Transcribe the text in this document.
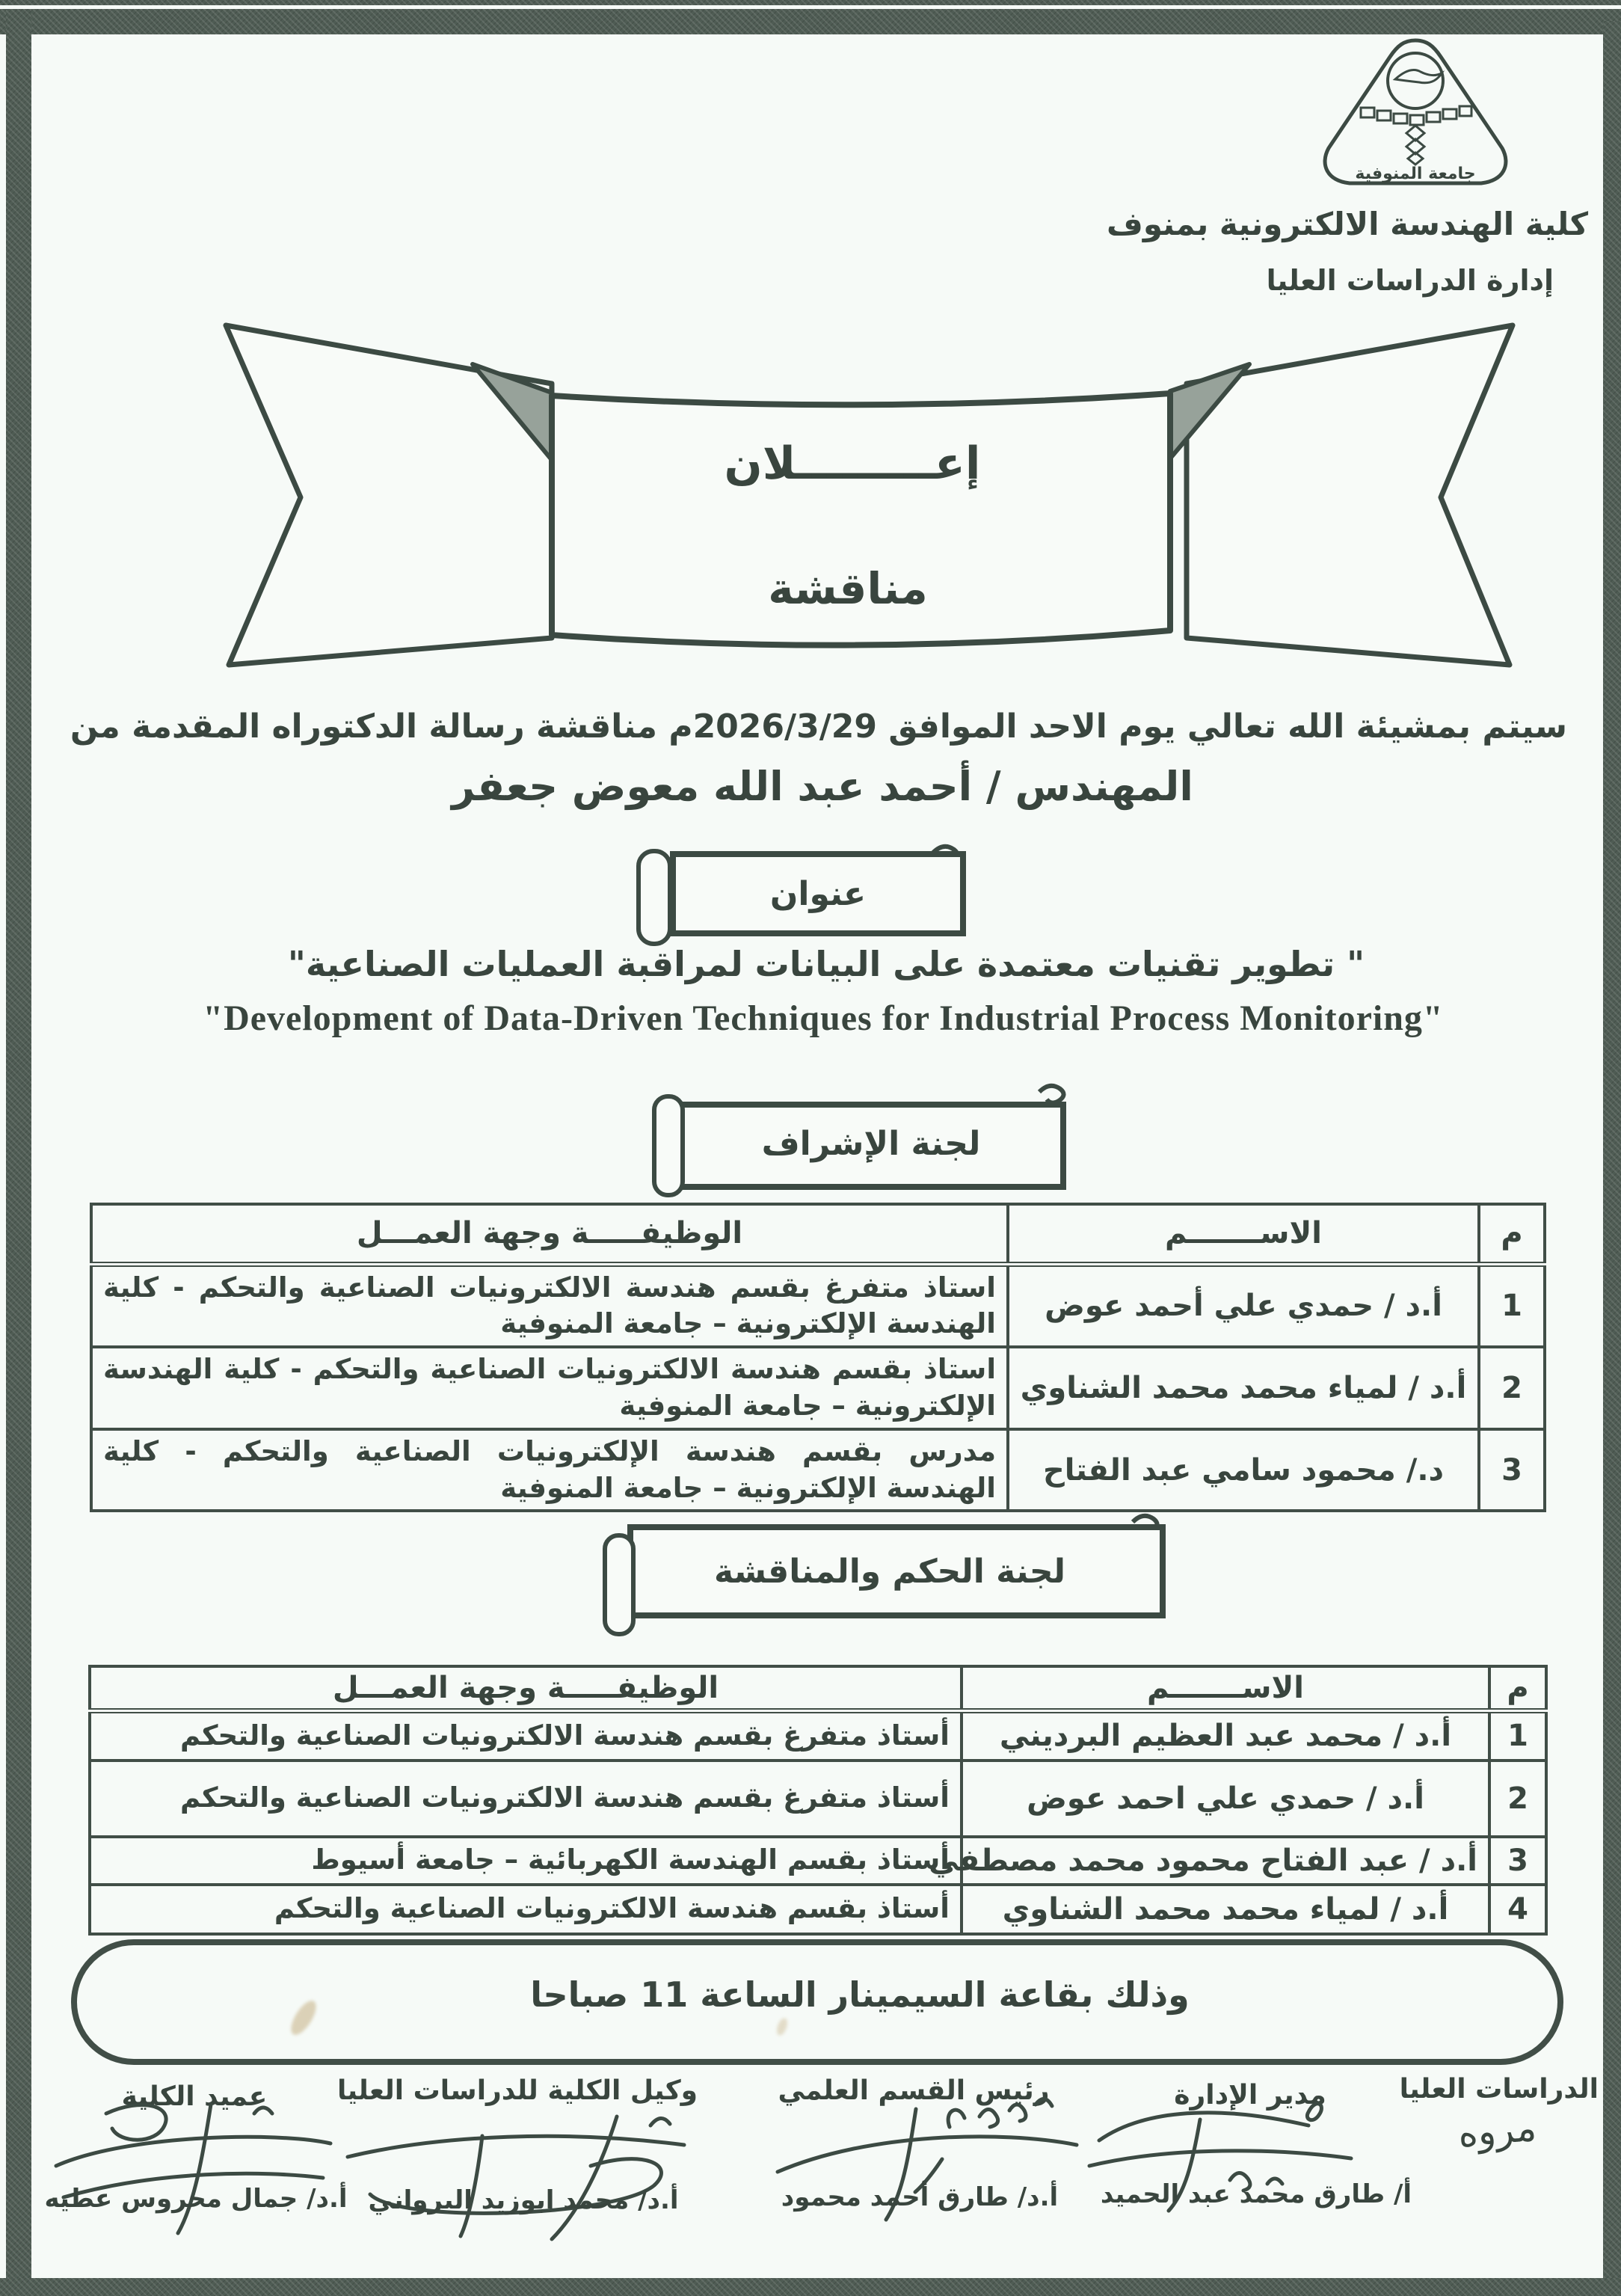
جامعة المنوفية
كلية الهندسة الالكترونية بمنوف
إدارة الدراسات العليا
إعـــــــــلان
مناقشة
سيتم بمشيئة الله تعالي يوم الاحد الموافق 2026/3/29م مناقشة رسالة الدكتوراه المقدمة من
المهندس / أحمد عبد الله معوض جعفر
عنوان
" تطوير تقنيات معتمدة على البيانات لمراقبة العمليات الصناعية"
"Development of Data-Driven Techniques for Industrial Process Monitoring"
لجنة الإشراف
م	الاســـــــم	الوظيفـــــة وجهة العمـــل
1	أ.د / حمدي علي أحمد عوض	استاذ متفرغ بقسم هندسة الالكترونيات الصناعية والتحكم - كلية الهندسة الإلكترونية – جامعة المنوفية
2	أ.د / لمياء محمد محمد الشناوي	استاذ بقسم هندسة الالكترونيات الصناعية والتحكم - كلية الهندسة الإلكترونية – جامعة المنوفية
3	د./ محمود سامي عبد الفتاح	مدرس بقسم هندسة الإلكترونيات الصناعية والتحكم - كلية الهندسة الإلكترونية – جامعة المنوفية
لجنة الحكم والمناقشة
م	الاســـــــم	الوظيفـــــة وجهة العمـــل
1	أ.د / محمد عبد العظيم البرديني	أستاذ متفرغ بقسم هندسة الالكترونيات الصناعية والتحكم
2	أ.د / حمدي علي احمد عوض	أستاذ متفرغ بقسم هندسة الالكترونيات الصناعية والتحكم
3	أ.د / عبد الفتاح محمود محمد مصطفي	أستاذ بقسم الهندسة الكهربائية – جامعة أسيوط
4	أ.د / لمياء محمد محمد الشناوي	أستاذ بقسم هندسة الالكترونيات الصناعية والتحكم
وذلك بقاعة السيمينار الساعة 11 صباحا
الدراسات العليا
مدير الإدارة
رئيس القسم العلمي
وكيل الكلية للدراسات العليا
عميد الكلية
مروه
أ/ طارق محمد عبد الحميد
أ.د/ طارق أحمد محمود
أ.د/ محمد ابوزيد البرواني
أ.د/ جمال محروس عطيه
